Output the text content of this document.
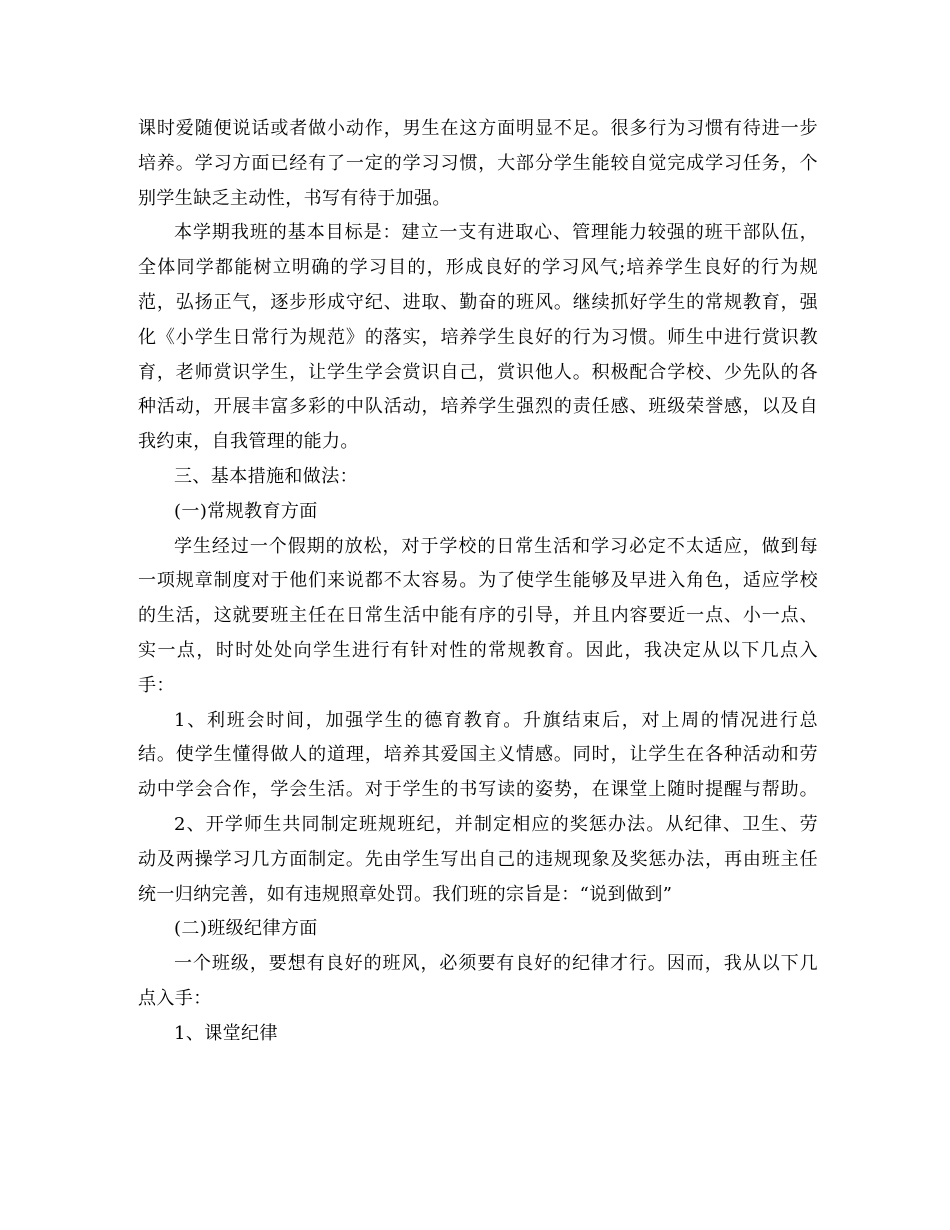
课时爱随便说话或者做小动作，男生在这方面明显不足。很多行为习惯有待进一步
培养。学习方面已经有了一定的学习习惯，大部分学生能较自觉完成学习任务，个
别学生缺乏主动性，书写有待于加强。
本学期我班的基本目标是：建立一支有进取心、管理能力较强的班干部队伍，
全体同学都能树立明确的学习目的，形成良好的学习风气;培养学生良好的行为规
范，弘扬正气，逐步形成守纪、进取、勤奋的班风。继续抓好学生的常规教育，强
化《小学生日常行为规范》的落实，培养学生良好的行为习惯。师生中进行赏识教
育，老师赏识学生，让学生学会赏识自己，赏识他人。积极配合学校、少先队的各
种活动，开展丰富多彩的中队活动，培养学生强烈的责任感、班级荣誉感，以及自
我约束，自我管理的能力。
三、基本措施和做法：
(一)常规教育方面
学生经过一个假期的放松，对于学校的日常生活和学习必定不太适应，做到每
一项规章制度对于他们来说都不太容易。为了使学生能够及早进入角色，适应学校
的生活，这就要班主任在日常生活中能有序的引导，并且内容要近一点、小一点、
实一点，时时处处向学生进行有针对性的常规教育。因此，我决定从以下几点入
手：
1、利班会时间，加强学生的德育教育。升旗结束后，对上周的情况进行总
结。使学生懂得做人的道理，培养其爱国主义情感。同时，让学生在各种活动和劳
动中学会合作，学会生活。对于学生的书写读的姿势，在课堂上随时提醒与帮助。
2、开学师生共同制定班规班纪，并制定相应的奖惩办法。从纪律、卫生、劳
动及两操学习几方面制定。先由学生写出自己的违规现象及奖惩办法，再由班主任
统一归纳完善，如有违规照章处罚。我们班的宗旨是：“说到做到”
(二)班级纪律方面
一个班级，要想有良好的班风，必须要有良好的纪律才行。因而，我从以下几
点入手：
1、课堂纪律
